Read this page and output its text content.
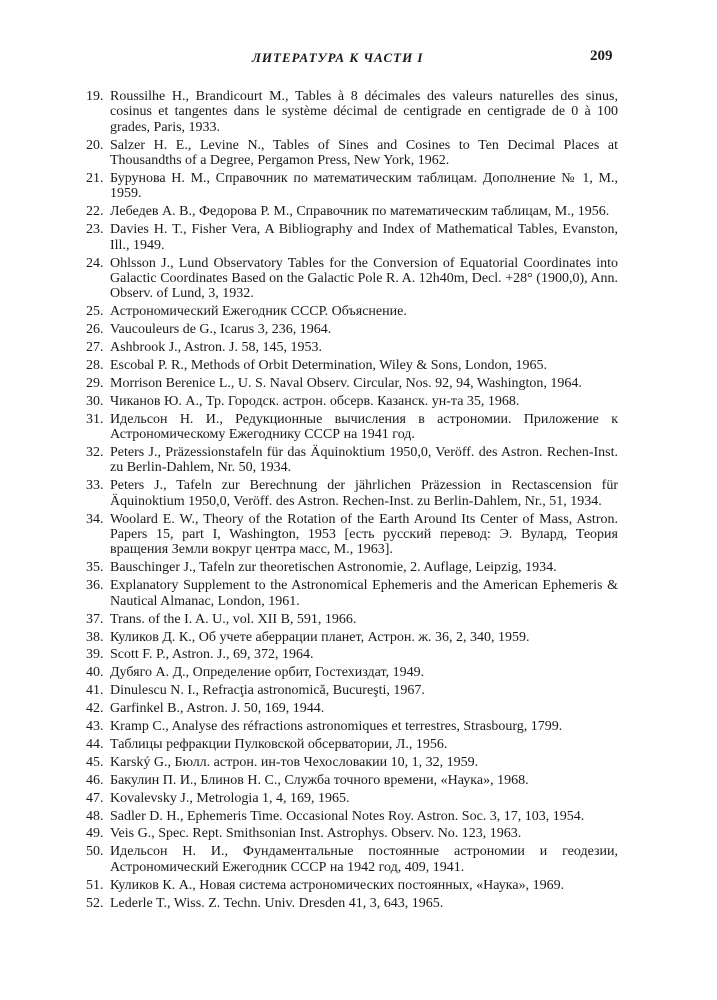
ЛИТЕРАТУРА К ЧАСТИ I	209
19. Roussilhe H., Brandicourt M., Tables à 8 décimales des valeurs naturelles des sinus, cosinus et tangentes dans le système décimal de centigrade en centigrade de 0 à 100 grades, Paris, 1933.
20. Salzer H. E., Levine N., Tables of Sines and Cosines to Ten Decimal Places at Thousandths of a Degree, Pergamon Press, New York, 1962.
21. Бурунова Н. М., Справочник по математическим таблицам. Дополнение № 1, М., 1959.
22. Лебедев А. В., Федорова Р. М., Справочник по математическим таблицам, М., 1956.
23. Davies H. T., Fisher Vera, A Bibliography and Index of Mathematical Tables, Evanston, Ill., 1949.
24. Ohlsson J., Lund Observatory Tables for the Conversion of Equatorial Coordinates into Galactic Coordinates Based on the Galactic Pole R. A. 12h40m, Decl. +28° (1900,0), Ann. Observ. of Lund, 3, 1932.
25. Астрономический Ежегодник СССР. Объяснение.
26. Vaucouleurs de G., Icarus 3, 236, 1964.
27. Ashbrook J., Astron. J. 58, 145, 1953.
28. Escobal P. R., Methods of Orbit Determination, Wiley & Sons, London, 1965.
29. Morrison Berenice L., U. S. Naval Observ. Circular, Nos. 92, 94, Washington, 1964.
30. Чиканов Ю. А., Тр. Городск. астрон. обсерв. Казанск. ун-та 35, 1968.
31. Идельсон Н. И., Редукционные вычисления в астрономии. Приложение к Астрономическому Ежегоднику СССР на 1941 год.
32. Peters J., Präzessionstafeln für das Äquinoktium 1950,0, Veröff. des Astron. Rechen-Inst. zu Berlin-Dahlem, Nr. 50, 1934.
33. Peters J., Tafeln zur Berechnung der jährlichen Präzession in Rectascension für Äquinoktium 1950,0, Veröff. des Astron. Rechen-Inst. zu Berlin-Dahlem, Nr., 51, 1934.
34. Woolard E. W., Theory of the Rotation of the Earth Around Its Center of Mass, Astron. Papers 15, part I, Washington, 1953 [есть русский перевод: Э. Вулард, Теория вращения Земли вокруг центра масс, М., 1963].
35. Bauschinger J., Tafeln zur theoretischen Astronomie, 2. Auflage, Leipzig, 1934.
36. Explanatory Supplement to the Astronomical Ephemeris and the American Ephemeris & Nautical Almanac, London, 1961.
37. Trans. of the I. A. U., vol. XII B, 591, 1966.
38. Куликов Д. К., Об учете аберрации планет, Астрон. ж. 36, 2, 340, 1959.
39. Scott F. P., Astron. J., 69, 372, 1964.
40. Дубяго А. Д., Определение орбит, Гостехиздат, 1949.
41. Dinulescu N. I., Refracţia astronomică, Bucureşti, 1967.
42. Garfinkel B., Astron. J. 50, 169, 1944.
43. Kramp C., Analyse des réfractions astronomiques et terrestres, Strasbourg, 1799.
44. Таблицы рефракции Пулковской обсерватории, Л., 1956.
45. Karský G., Бюлл. астрон. ин-тов Чехословакии 10, 1, 32, 1959.
46. Бакулин П. И., Блинов Н. С., Служба точного времени, «Наука», 1968.
47. Kovalevsky J., Metrologia 1, 4, 169, 1965.
48. Sadler D. H., Ephemeris Time. Occasional Notes Roy. Astron. Soc. 3, 17, 103, 1954.
49. Veis G., Spec. Rept. Smithsonian Inst. Astrophys. Observ. No. 123, 1963.
50. Идельсон Н. И., Фундаментальные постоянные астрономии и геодезии, Астрономический Ежегодник СССР на 1942 год, 409, 1941.
51. Куликов К. А., Новая система астрономических постоянных, «Наука», 1969.
52. Lederle T., Wiss. Z. Techn. Univ. Dresden 41, 3, 643, 1965.
